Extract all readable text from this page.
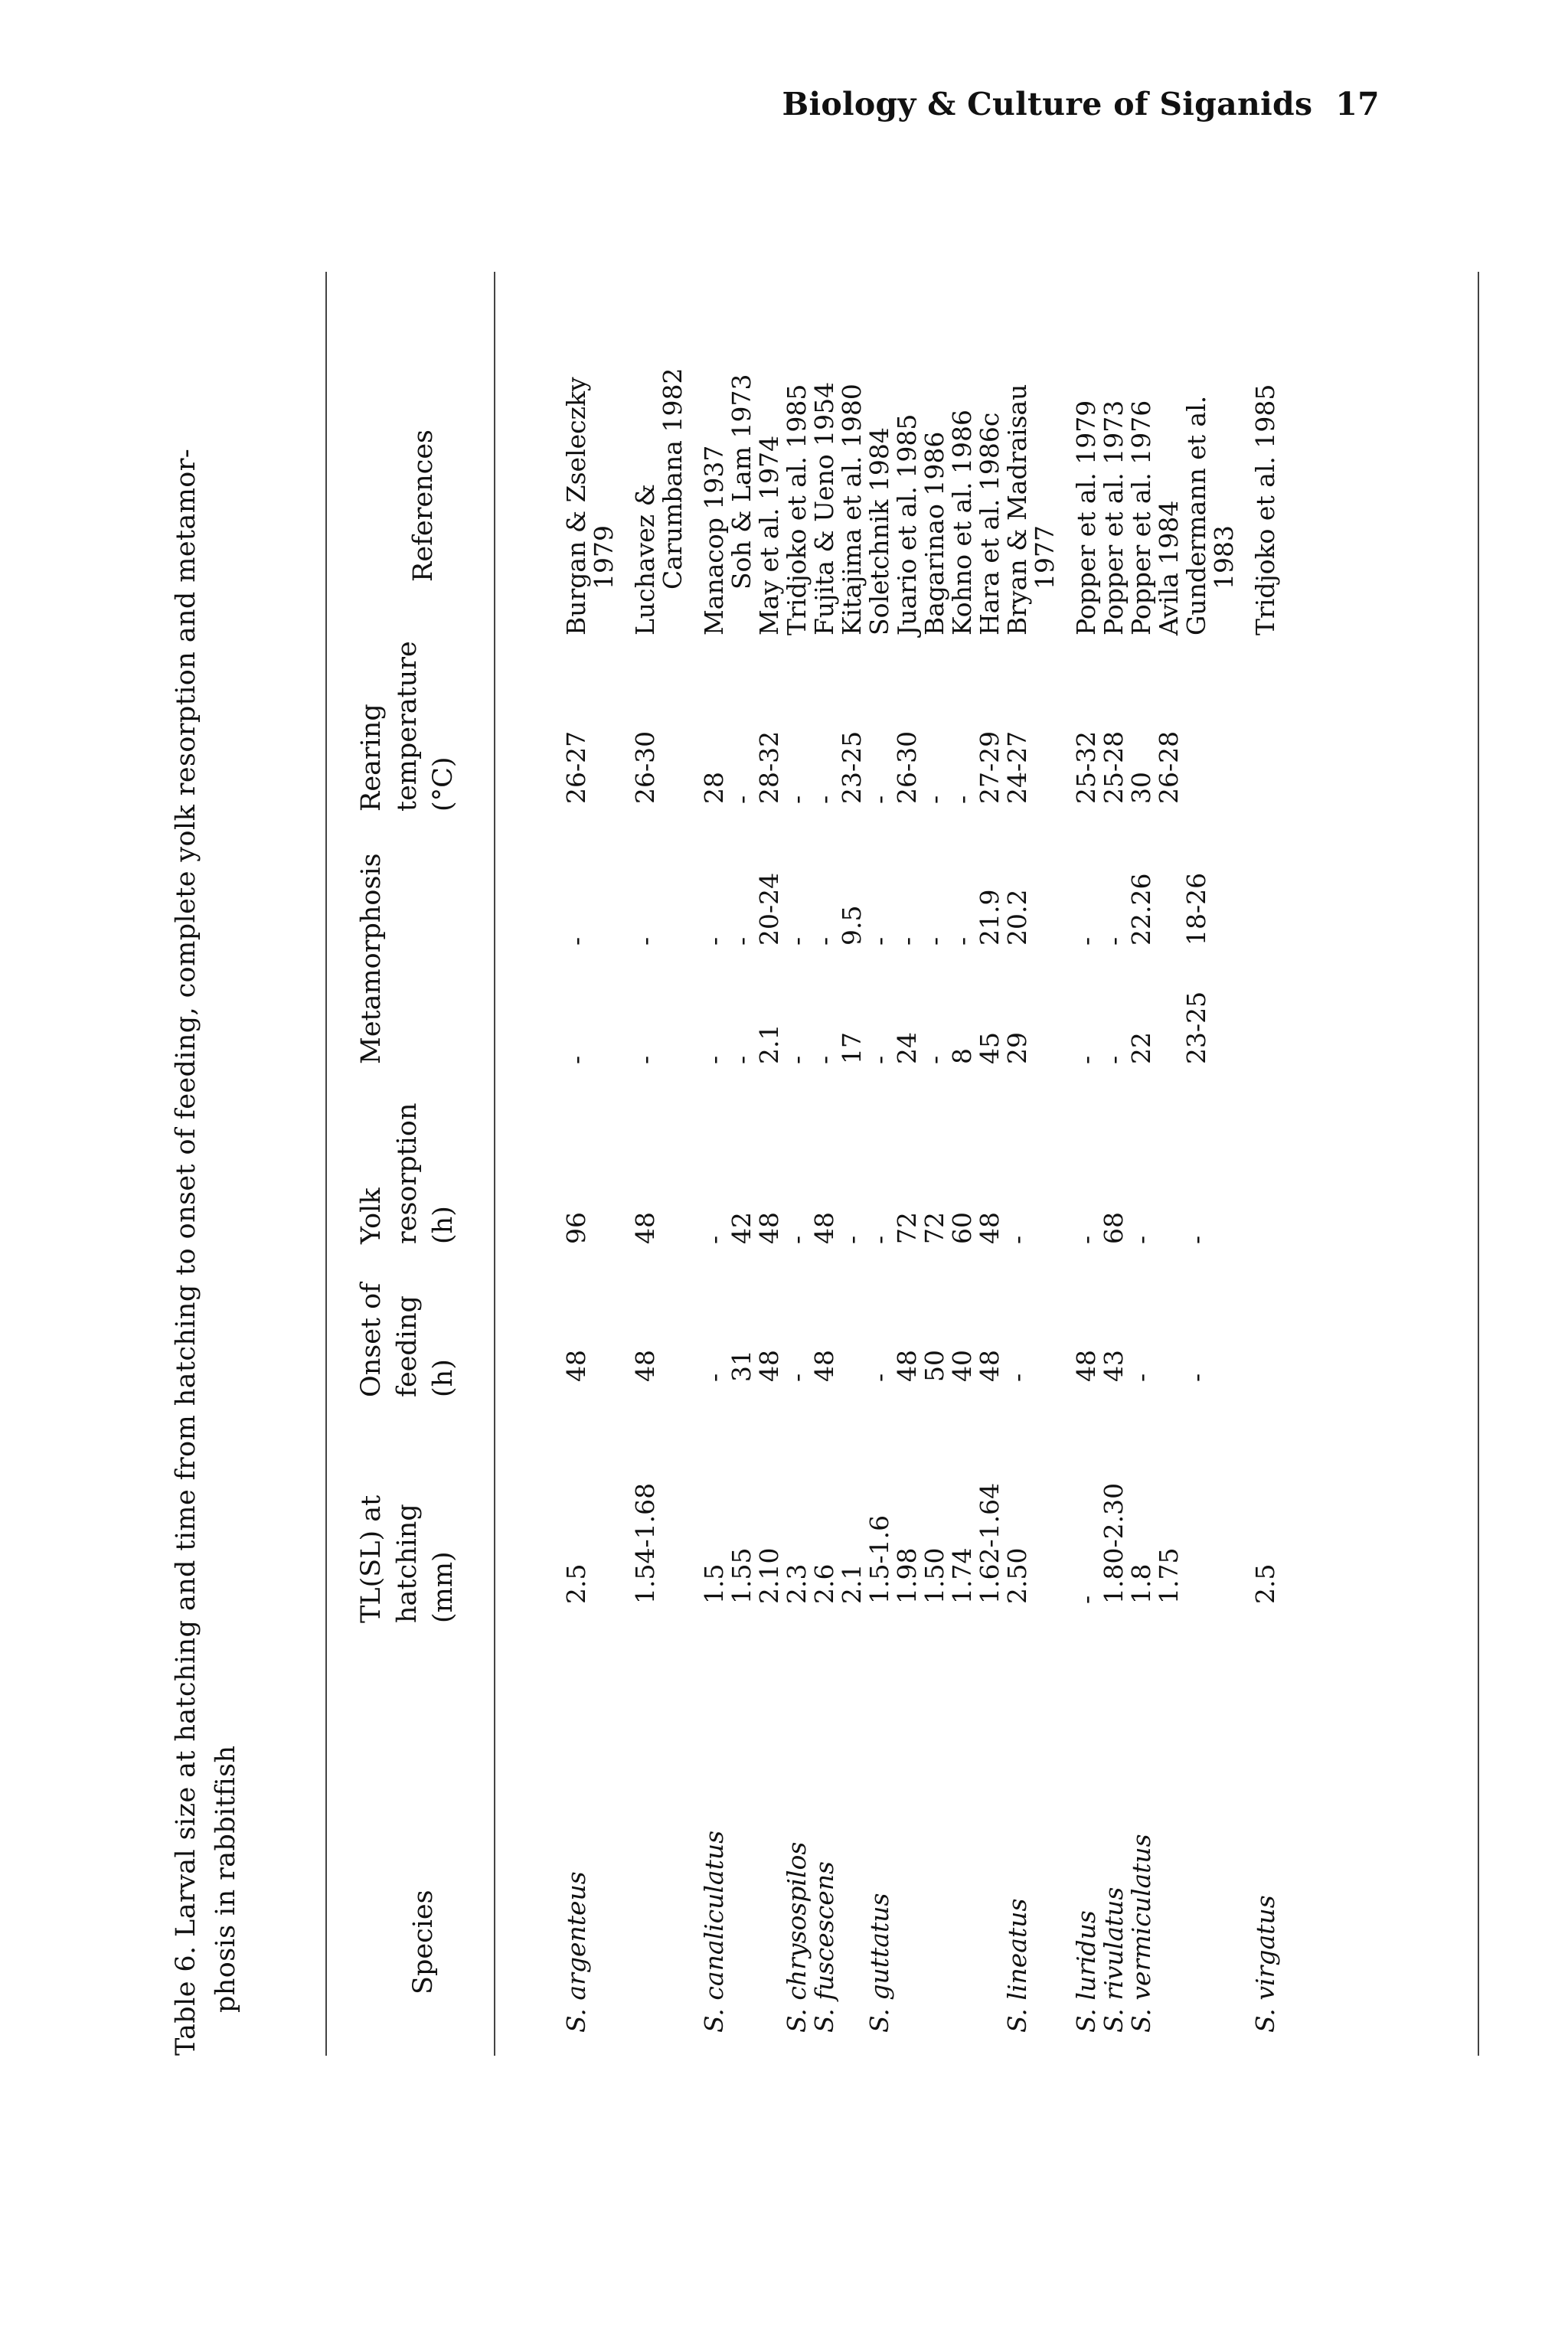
Biology & Culture of Siganids 17
Table 6. Larval size at hatching and time from hatching to onset of feeding, complete yolk resorption and metamor- phosis in rabbitfish	Species
TL(SL) at hatching (mm)
Onset of feeding (h)
Yolk resorption (h)
Metamorphosis
Rearing temperature (°C)
References
S. argenteus
2.5
48
96
-
-
26-27
Burgan & Zseleczky
1979
1.54-1.68
48
48
-
-
26-30
Luchavez &
Carumbana 1982
S. canaliculatus
1.5
-
-
-
-
28
Manacop 1937
1.55
31
42
-
-
-
Soh & Lam 1973
2.10
48
48
2.1
20-24
28-32
May et al. 1974
S. chrysospilos
2.3
-
-
-
-
-
Tridjoko et al. 1985
S. fuscescens
2.6
48
48
-
-
-
Fujita & Ueno 1954
2.1
-
17
9.5
23-25
Kitajima et al. 1980
S. guttatus
1.5-1.6
-
-
-
-
-
Soletchnik 1984
1.98
48
72
24
-
26-30
Juario et al. 1985
1.50
50
72
-
-
-
Bagarinao 1986
1.74
40
60
8
-
-
Kohno et al. 1986
1.62-1.64
48
48
45
21.9
27-29
Hara et al. 1986c
S. lineatus
2.50
-
-
29
20.2
24-27
Bryan & Madraisau
1977
S. luridus
-
48
-
-
-
25-32
Popper et al. 1979
S. rivulatus
1.80-2.30
43
68
-
-
25-28
Popper et al. 1973
S. vermiculatus
1.8
-
-
22
22.26
30
Popper et al. 1976
1.75
26-28
Avila 1984
-
-
23-25
18-26
Gundermann et al.
1983
S. virgatus
2.5
Tridjoko et al. 1985
